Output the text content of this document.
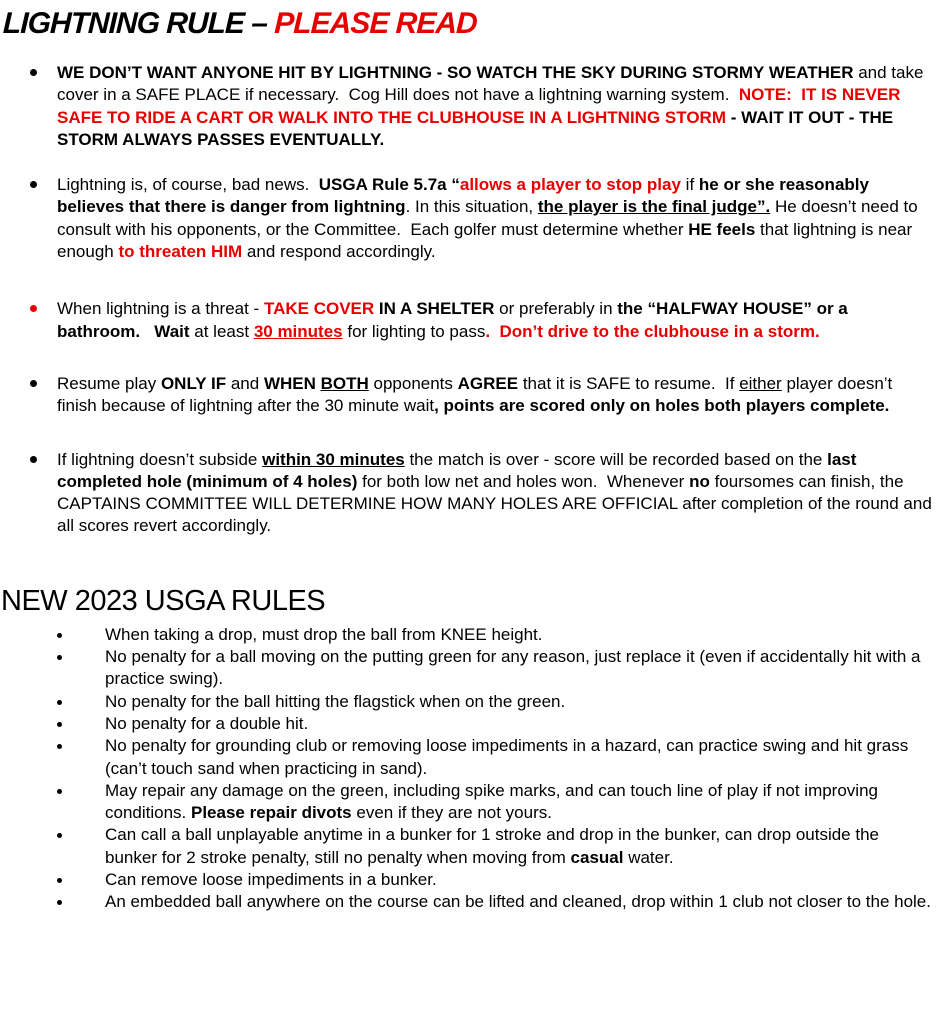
LIGHTNING RULE – PLEASE READ
WE DON’T WANT ANYONE HIT BY LIGHTNING - SO WATCH THE SKY DURING STORMY WEATHER and take cover in a SAFE PLACE if necessary.  Cog Hill does not have a lightning warning system.  NOTE:  IT IS NEVER SAFE TO RIDE A CART OR WALK INTO THE CLUBHOUSE IN A LIGHTNING STORM - WAIT IT OUT - THE STORM ALWAYS PASSES EVENTUALLY.
Lightning is, of course, bad news.  USGA Rule 5.7a “allows a player to stop play if he or she reasonably believes that there is danger from lightning. In this situation, the player is the final judge”. He doesn’t need to consult with his opponents, or the Committee.  Each golfer must determine whether HE feels that lightning is near enough to threaten HIM and respond accordingly.
When lightning is a threat - TAKE COVER IN A SHELTER or preferably in the “HALFWAY HOUSE” or a bathroom. Wait at least 30 minutes for lighting to pass.  Don’t drive to the clubhouse in a storm.
Resume play ONLY IF and WHEN BOTH opponents AGREE that it is SAFE to resume.  If either player doesn’t finish because of lightning after the 30 minute wait, points are scored only on holes both players complete.
If lightning doesn’t subside within 30 minutes the match is over - score will be recorded based on the last completed hole (minimum of 4 holes) for both low net and holes won.  Whenever no foursomes can finish, the CAPTAINS COMMITTEE WILL DETERMINE HOW MANY HOLES ARE OFFICIAL after completion of the round and all scores revert accordingly.
NEW 2023 USGA RULES
When taking a drop, must drop the ball from KNEE height.
No penalty for a ball moving on the putting green for any reason, just replace it (even if accidentally hit with a practice swing).
No penalty for the ball hitting the flagstick when on the green.
No penalty for a double hit.
No penalty for grounding club or removing loose impediments in a hazard, can practice swing and hit grass (can’t touch sand when practicing in sand).
May repair any damage on the green, including spike marks, and can touch line of play if not improving conditions. Please repair divots even if they are not yours.
Can call a ball unplayable anytime in a bunker for 1 stroke and drop in the bunker, can drop outside the bunker for 2 stroke penalty, still no penalty when moving from casual water.
Can remove loose impediments in a bunker.
An embedded ball anywhere on the course can be lifted and cleaned, drop within 1 club not closer to the hole.
